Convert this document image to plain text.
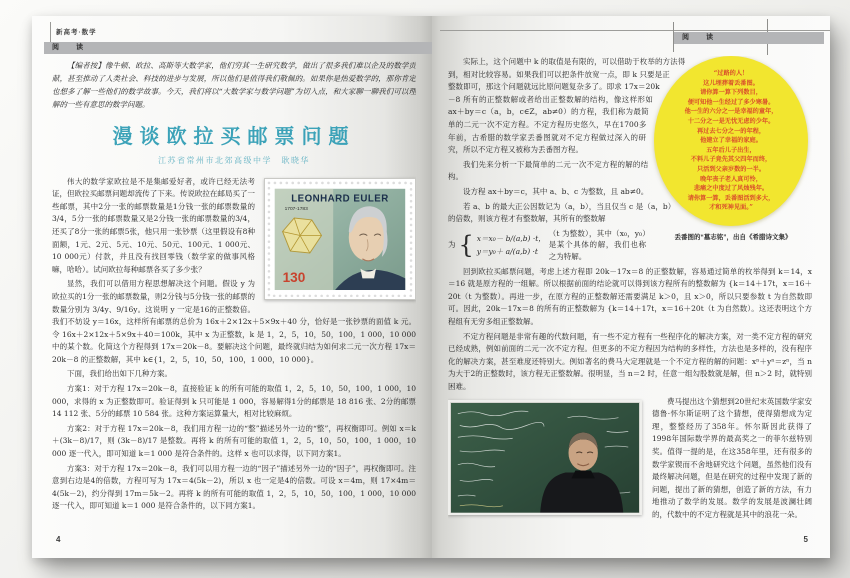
新高考·数学
阅　读
【编者按】像牛顿、欧拉、高斯等大数学家，他们穷其一生研究数学，做出了很多我们难以企及的数学贡献，甚至推动了人类社会、科技的进步与发展，所以他们是值得我们敬佩的。如果你是热爱数学的，那你肯定也想多了解一些他们的数学故事。今天，我们将以“大数学家与数学问题”为切入点，和大家聊一聊我们可以理解的一些有意思的数学问题。
漫谈欧拉买邮票问题
江苏省常州市北郊高级中学　耿晓华
LEONHARD EULER
1707-1783
130

伟大的数学家欧拉是不是集邮爱好者，或许已经无法考证，但欧拉买邮票问题却流传了下来。传说欧拉在邮局买了一些邮票，其中2分一张的邮票数量是1分钱一张的邮票数量的3/4，5分一张的邮票数量又是2分钱一张的邮票数量的3/4，还买了8分一张的邮票5张，他只用一张钞票（这里假设有8种面额，1元、2元、5元、10元、50元、100元、1 000元、10 000元）付款，并且没有找回零钱（数学家的做事风格嘛，哈哈）。试问欧拉每种邮票各买了多少张？

显然，我们可以借用方程思想解决这个问题。假设 y 为欧拉买的1分一张的邮票数量，则2分钱与5分钱一张的邮票的数量分别为 3/4y、9/16y。这说明 y 一定是16的正整数倍。我们不妨设 y＝16x，这样所有邮票的总价为 16x＋2×12x＋5×9x＋40 分，恰好是一张钞票的面值 k 元。令 16x＋2×12x＋5×9x＋40＝100k，其中 x 为正整数，k 是 1，2，5，10，50，100，1 000，10 000 中的某个数。化简这个方程得到 17x＝20k－8。要解决这个问题，最终就归结为如何求二元一次方程 17x＝20k－8 的正整数解，其中 k∈{1，2，5，10，50，100，1 000，10 000}。

下面，我们给出如下几种方案。

方案1：对于方程 17x＝20k－8，直接验证 k 的所有可能的取值 1，2，5，10，50，100，1 000，10 000，求得的 x 为正整数即可。验证得到 k 只可能是 1 000，容易解得1分的邮票是 18 816 张、2分的邮票 14 112 张、5分的邮票 10 584 张。这种方案运算量大，相对比较麻烦。

方案2：对于方程 17x＝20k－8，我们用方程一边的“整”描述另外一边的“整”，再权衡即可。例如 x＝k＋(3k－8)/17，则 (3k－8)/17 是整数。再将 k 的所有可能的取值 1，2，5，10，50，100，1 000，10 000 逐一代入，即可知道 k＝1 000 是符合条件的。这样 x 也可以求得，以下同方案1。

方案3：对于方程 17x＝20k－8，我们可以用方程一边的“因子”描述另外一边的“因子”，再权衡即可。注意到右边是4的倍数，方程可写为 17x＝4(5k－2)，所以 x 也一定是4的倍数。可设 x＝4m，则 17×4m＝4(5k－2)，约分得到 17m＝5k－2。再将 k 的所有可能的取值 1，2，5，10，50，100，1 000，10 000 逐一代入，即可知道 k＝1 000 是符合条件的，以下同方案1。

4
阅　读
“过路的人！
这儿埋葬着丢番图。
请你算一算下列数目，
便可知他一生经过了多少寒暑。
他一生的六分之一是幸福的童年，
十二分之一是无忧无虑的少年。
再过去七分之一的年程，
他建立了幸福的家庭。
五年后儿子出生，
不料儿子竟先其父四年而终，
只活到父亲岁数的一半。
晚年丧子老人真可怜，
悲痛之中度过了风烛残年。
请你算一算，丢番图活到多大，
才和死神见面。”
丢番图的“墓志铭”，出自《希腊诗文集》

实际上，这个问题中 k 的取值是有限的，可以借助于枚举的方法得到，相对比较容易。如果我们可以把条件放宽一点，即 k 只要是正整数即可，那这个问题就远比原问题复杂多了。即求 17x＝20k－8 所有的正整数解或者给出正整数解的结构，像这样形如 ax＋by＝c（a，b，c∈Z，ab≠0）的方程，我们称为最简单的二元一次不定方程。不定方程历史悠久，早在1700多年前，古希腊的数学家丢番图就对不定方程做过深入的研究，所以不定方程又被称为丢番图方程。

我们先来分析一下最简单的二元一次不定方程的解的结构。

设方程 ax＋by＝c，其中 a、b、c 为整数，且 ab≠0。

若 a、b 的最大正公因数记为（a，b），当且仅当 c 是（a，b）的倍数，则该方程才有整数解，其所有的整数解

为 { x＝x₀－ b/(a,b) ·t，
y＝y₀＋ a/(a,b) ·t
（t 为整数），其中（x₀，y₀）是某个具体的解，我们也称之为特解。

回到欧拉买邮票问题，考虑上述方程即 20k－17x＝8 的正整数解，容易通过简单的枚举得到 k＝14，x＝16 就是原方程的一组解。所以根据前面的结论就可以得到该方程所有的整数解为 {k＝14＋17t，x＝16＋20t（t 为整数）。再进一步，在原方程的正整数解还需要满足 k＞0，且 x＞0，所以只要参数 t 为自然数即可。因此，20k－17x＝8 的所有的正整数解为 {k＝14＋17t，x＝16＋20t（t 为自然数）。这还表明这个方程组有无穷多组正整数解。

不定方程问题是非常有趣的代数问题，有一些不定方程有一些程序化的解决方案，对一类不定方程的研究已经成熟，例如前面的二元一次不定方程。但更多的不定方程因为结构的多样性，方法也是多样的，没有程序化的解决方案，甚至难度还特别大。例如著名的费马大定理就是一个不定方程的解的问题：xⁿ＋yⁿ＝zⁿ，当 n 为大于2的正整数时，该方程无正整数解。很明显，当 n＝2 时，任意一组勾股数就是解，但 n＞2 时，就特别困难。

费马提出这个猜想到20世纪末英国数学家安德鲁·怀尔斯证明了这个猜想，使得猜想成为定理，整整经历了358年。怀尔斯因此获得了1998年国际数学界的最高奖之一的菲尔兹特别奖。值得一提的是，在这358年里，还有很多的数学家锲而不舍地研究这个问题，虽然他们没有最终解决问题，但是在研究的过程中发现了新的问题，提出了新的猜想，创造了新的方法，有力地推动了数学的发展。数学的发展是波澜壮阔的，代数中的不定方程就是其中的浪花一朵。

5
